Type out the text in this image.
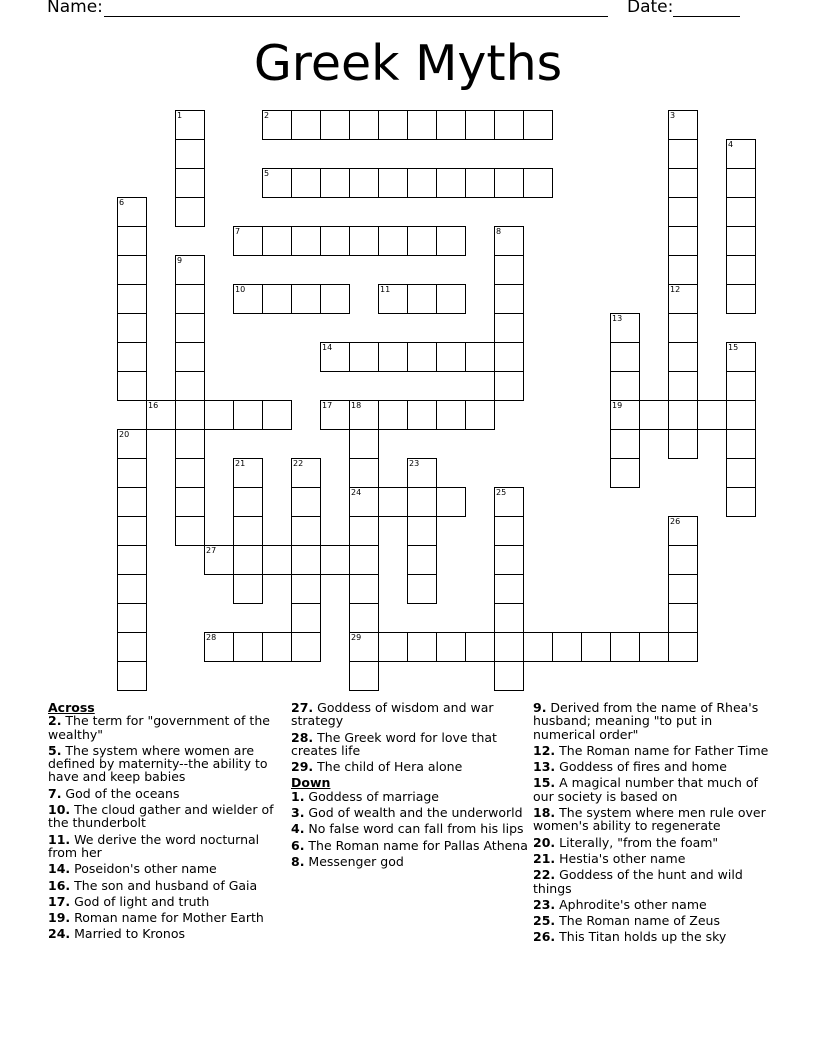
Name:	Date:
Greek Myths
1	2	3
4
5
6
7	8
9
10	11	12
13
19
14	15
16	17 18
24
29
20
21	22	23
25
26
27
28
Across
2. The term for "government of the wealthy"
5. The system where women are defined by maternity--the ability to have and keep babies
7. God of the oceans
10. The cloud gather and wielder of the thunderbolt
11. We derive the word nocturnal from her
14. Poseidon's other name
16. The son and husband of Gaia
17. God of light and truth
19. Roman name for Mother Earth
24. Married to Kronos
27. Goddess of wisdom and war strategy
28. The Greek word for love that creates life
29. The child of Hera alone
Down
1. Goddess of marriage
3. God of wealth and the underworld
4. No false word can fall from his lips
6. The Roman name for Pallas Athena
8. Messenger god
9. Derived from the name of Rhea's husband; meaning "to put in numerical order"
12. The Roman name for Father Time
13. Goddess of fires and home
15. A magical number that much of our society is based on
18. The system where men rule over women's ability to regenerate
20. Literally, "from the foam"
21. Hestia's other name
22. Goddess of the hunt and wild things
23. Aphrodite's other name
25. The Roman name of Zeus
26. This Titan holds up the sky
